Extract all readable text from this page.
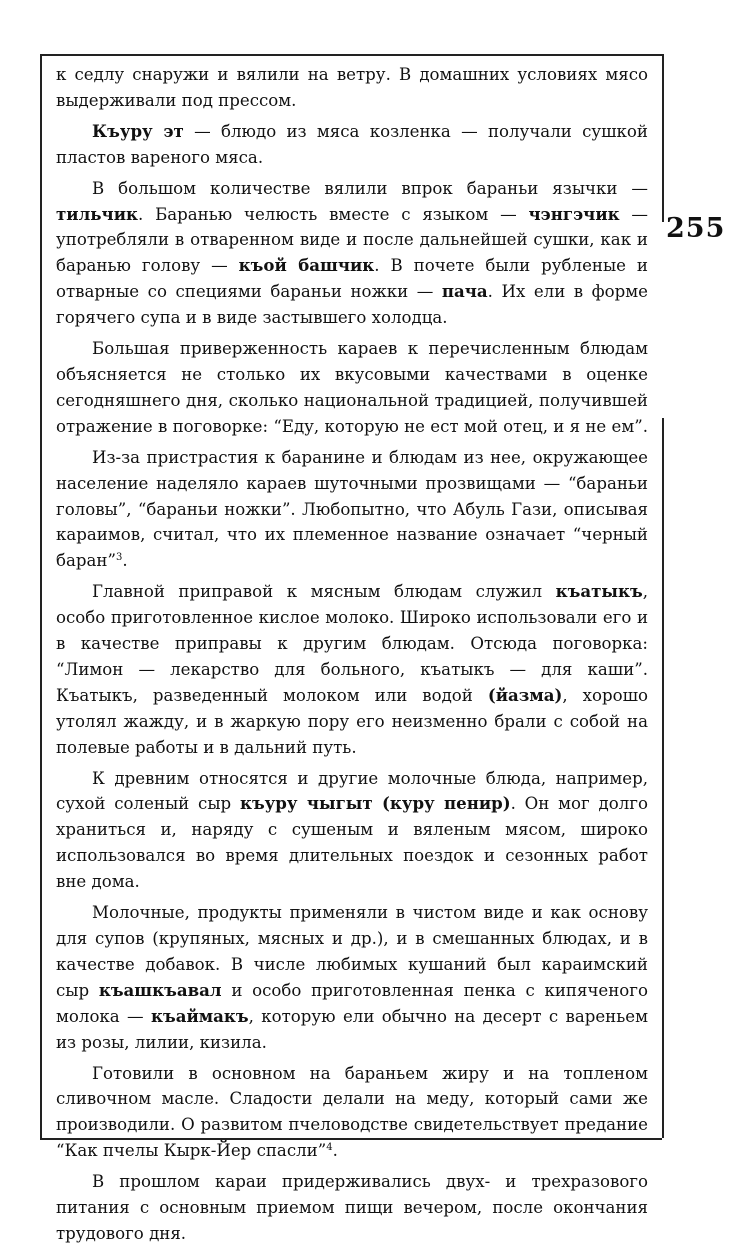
255

к седлу снаружи и вялили на ветру. В домашних условиях мясо выдерживали под прессом.

Къуру эт — блюдо из мяса козленка — получали сушкой пластов вареного мяса.

В большом количестве вялили впрок бараньи язычки — тильчик. Баранью челюсть вместе с языком — чэнгэчик — употребляли в отваренном виде и после дальнейшей сушки, как и баранью голову — къой башчик. В почете были рубленые и отварные со специями бараньи ножки — пача. Их ели в форме горячего супа и в виде застывшего холодца.

Большая приверженность караев к перечисленным блюдам объясняется не столько их вкусовыми качествами в оценке сегодняшнего дня, сколько национальной традицией, получившей отражение в поговорке: “Еду, которую не ест мой отец, и я не ем”.

Из-за пристрастия к баранине и блюдам из нее, окружающее население наделяло караев шуточными прозвищами — “бараньи головы”, “бараньи ножки”. Любопытно, что Абуль Гази, описывая караимов, считал, что их племенное название означает “черный баран”$^3$.

Главной приправой к мясным блюдам служил къатыкъ, особо приготовленное кислое молоко. Широко использовали его и в качестве приправы к другим блюдам. Отсюда поговорка: “Лимон — лекарство для больного, къатыкъ — для каши”. Къатыкъ, разведенный молоком или водой (йазма), хорошо утолял жажду, и в жаркую пору его неизменно брали с собой на полевые работы и в дальний путь.

К древним относятся и другие молочные блюда, например, сухой соленый сыр къуру чыгыт (куру пенир). Он мог долго храниться и, наряду с сушеным и вяленым мясом, широко использовался во время длительных поездок и сезонных работ вне дома.

Молочные, продукты применяли в чистом виде и как основу для супов (крупяных, мясных и др.), и в смешанных блюдах, и в качестве добавок. В числе любимых кушаний был караимский сыр къашкъавал и особо приготовленная пенка с кипяченого молока — къаймакъ, которую ели обычно на десерт с вареньем из розы, лилии, кизила.

Готовили в основном на бараньем жиру и на топленом сливочном масле. Сладости делали на меду, который сами же производили. О развитом пчеловодстве свидетельствует предание “Как пчелы Кырк-Йер спасли”$^4$.

В прошлом караи придерживались двух- и трехразового питания с основным приемом пищи вечером, после окончания трудового дня.
